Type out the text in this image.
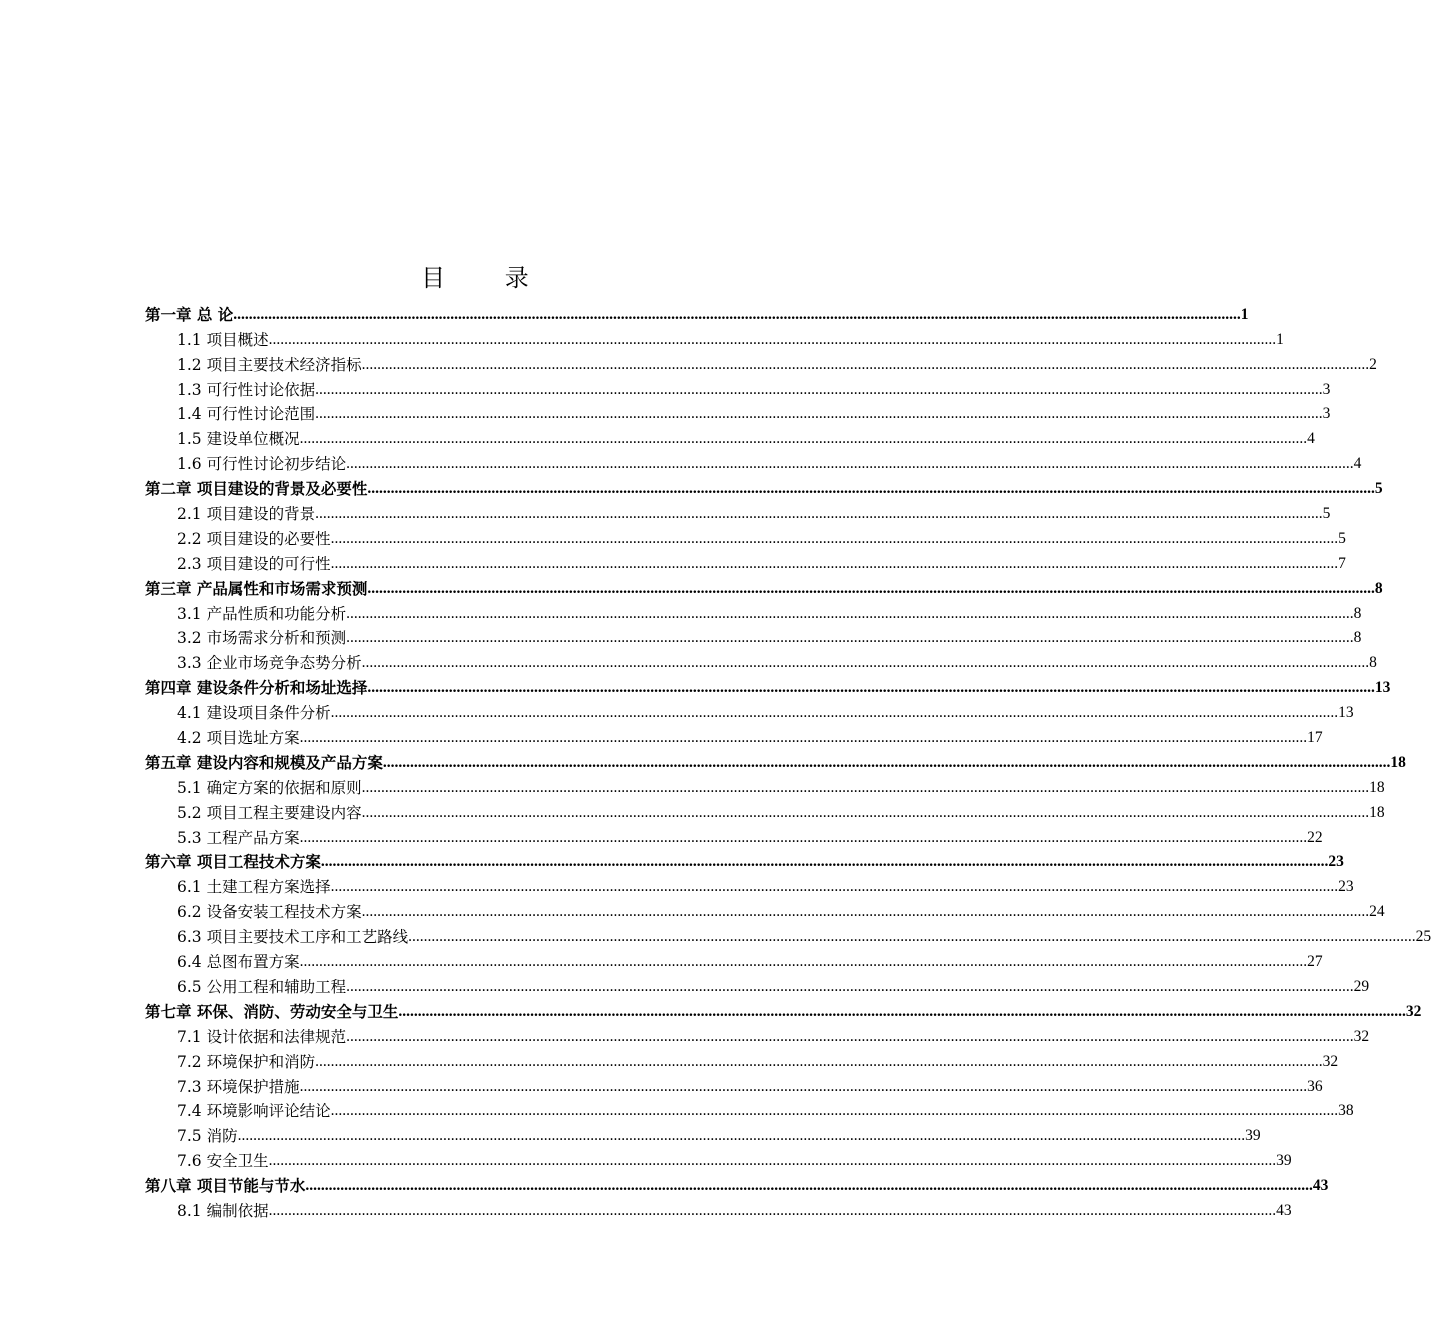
目 录
第一章 总 论 .................................................................................................................................................................................................................................................................... 1
1.1 项目概述 .................................................................................................................................................................................................................................................................... 1
1.2 项目主要技术经济指标 .................................................................................................................................................................................................................................................................... 2
1.3 可行性讨论依据 .................................................................................................................................................................................................................................................................... 3
1.4 可行性讨论范围 .................................................................................................................................................................................................................................................................... 3
1.5 建设单位概况 .................................................................................................................................................................................................................................................................... 4
1.6 可行性讨论初步结论 .................................................................................................................................................................................................................................................................... 4
第二章 项目建设的背景及必要性 .................................................................................................................................................................................................................................................................... 5
2.1 项目建设的背景 .................................................................................................................................................................................................................................................................... 5
2.2 项目建设的必要性 .................................................................................................................................................................................................................................................................... 5
2.3 项目建设的可行性 .................................................................................................................................................................................................................................................................... 7
第三章 产品属性和市场需求预测 .................................................................................................................................................................................................................................................................... 8
3.1 产品性质和功能分析 .................................................................................................................................................................................................................................................................... 8
3.2 市场需求分析和预测 .................................................................................................................................................................................................................................................................... 8
3.3 企业市场竞争态势分析 .................................................................................................................................................................................................................................................................... 8
第四章 建设条件分析和场址选择 .................................................................................................................................................................................................................................................................... 13
4.1 建设项目条件分析 .................................................................................................................................................................................................................................................................... 13
4.2 项目选址方案 .................................................................................................................................................................................................................................................................... 17
第五章 建设内容和规模及产品方案 .................................................................................................................................................................................................................................................................... 18
5.1 确定方案的依据和原则 .................................................................................................................................................................................................................................................................... 18
5.2 项目工程主要建设内容 .................................................................................................................................................................................................................................................................... 18
5.3 工程产品方案 .................................................................................................................................................................................................................................................................... 22
第六章 项目工程技术方案 .................................................................................................................................................................................................................................................................... 23
6.1 土建工程方案选择 .................................................................................................................................................................................................................................................................... 23
6.2 设备安装工程技术方案 .................................................................................................................................................................................................................................................................... 24
6.3 项目主要技术工序和工艺路线 .................................................................................................................................................................................................................................................................... 25
6.4 总图布置方案 .................................................................................................................................................................................................................................................................... 27
6.5 公用工程和辅助工程 .................................................................................................................................................................................................................................................................... 29
第七章 环保、消防、劳动安全与卫生 .................................................................................................................................................................................................................................................................... 32
7.1 设计依据和法律规范 .................................................................................................................................................................................................................................................................... 32
7.2 环境保护和消防 .................................................................................................................................................................................................................................................................... 32
7.3 环境保护措施 .................................................................................................................................................................................................................................................................... 36
7.4 环境影响评论结论 .................................................................................................................................................................................................................................................................... 38
7.5 消防 .................................................................................................................................................................................................................................................................... 39
7.6 安全卫生 .................................................................................................................................................................................................................................................................... 39
第八章 项目节能与节水 .................................................................................................................................................................................................................................................................... 43
8.1 编制依据 .................................................................................................................................................................................................................................................................... 43
